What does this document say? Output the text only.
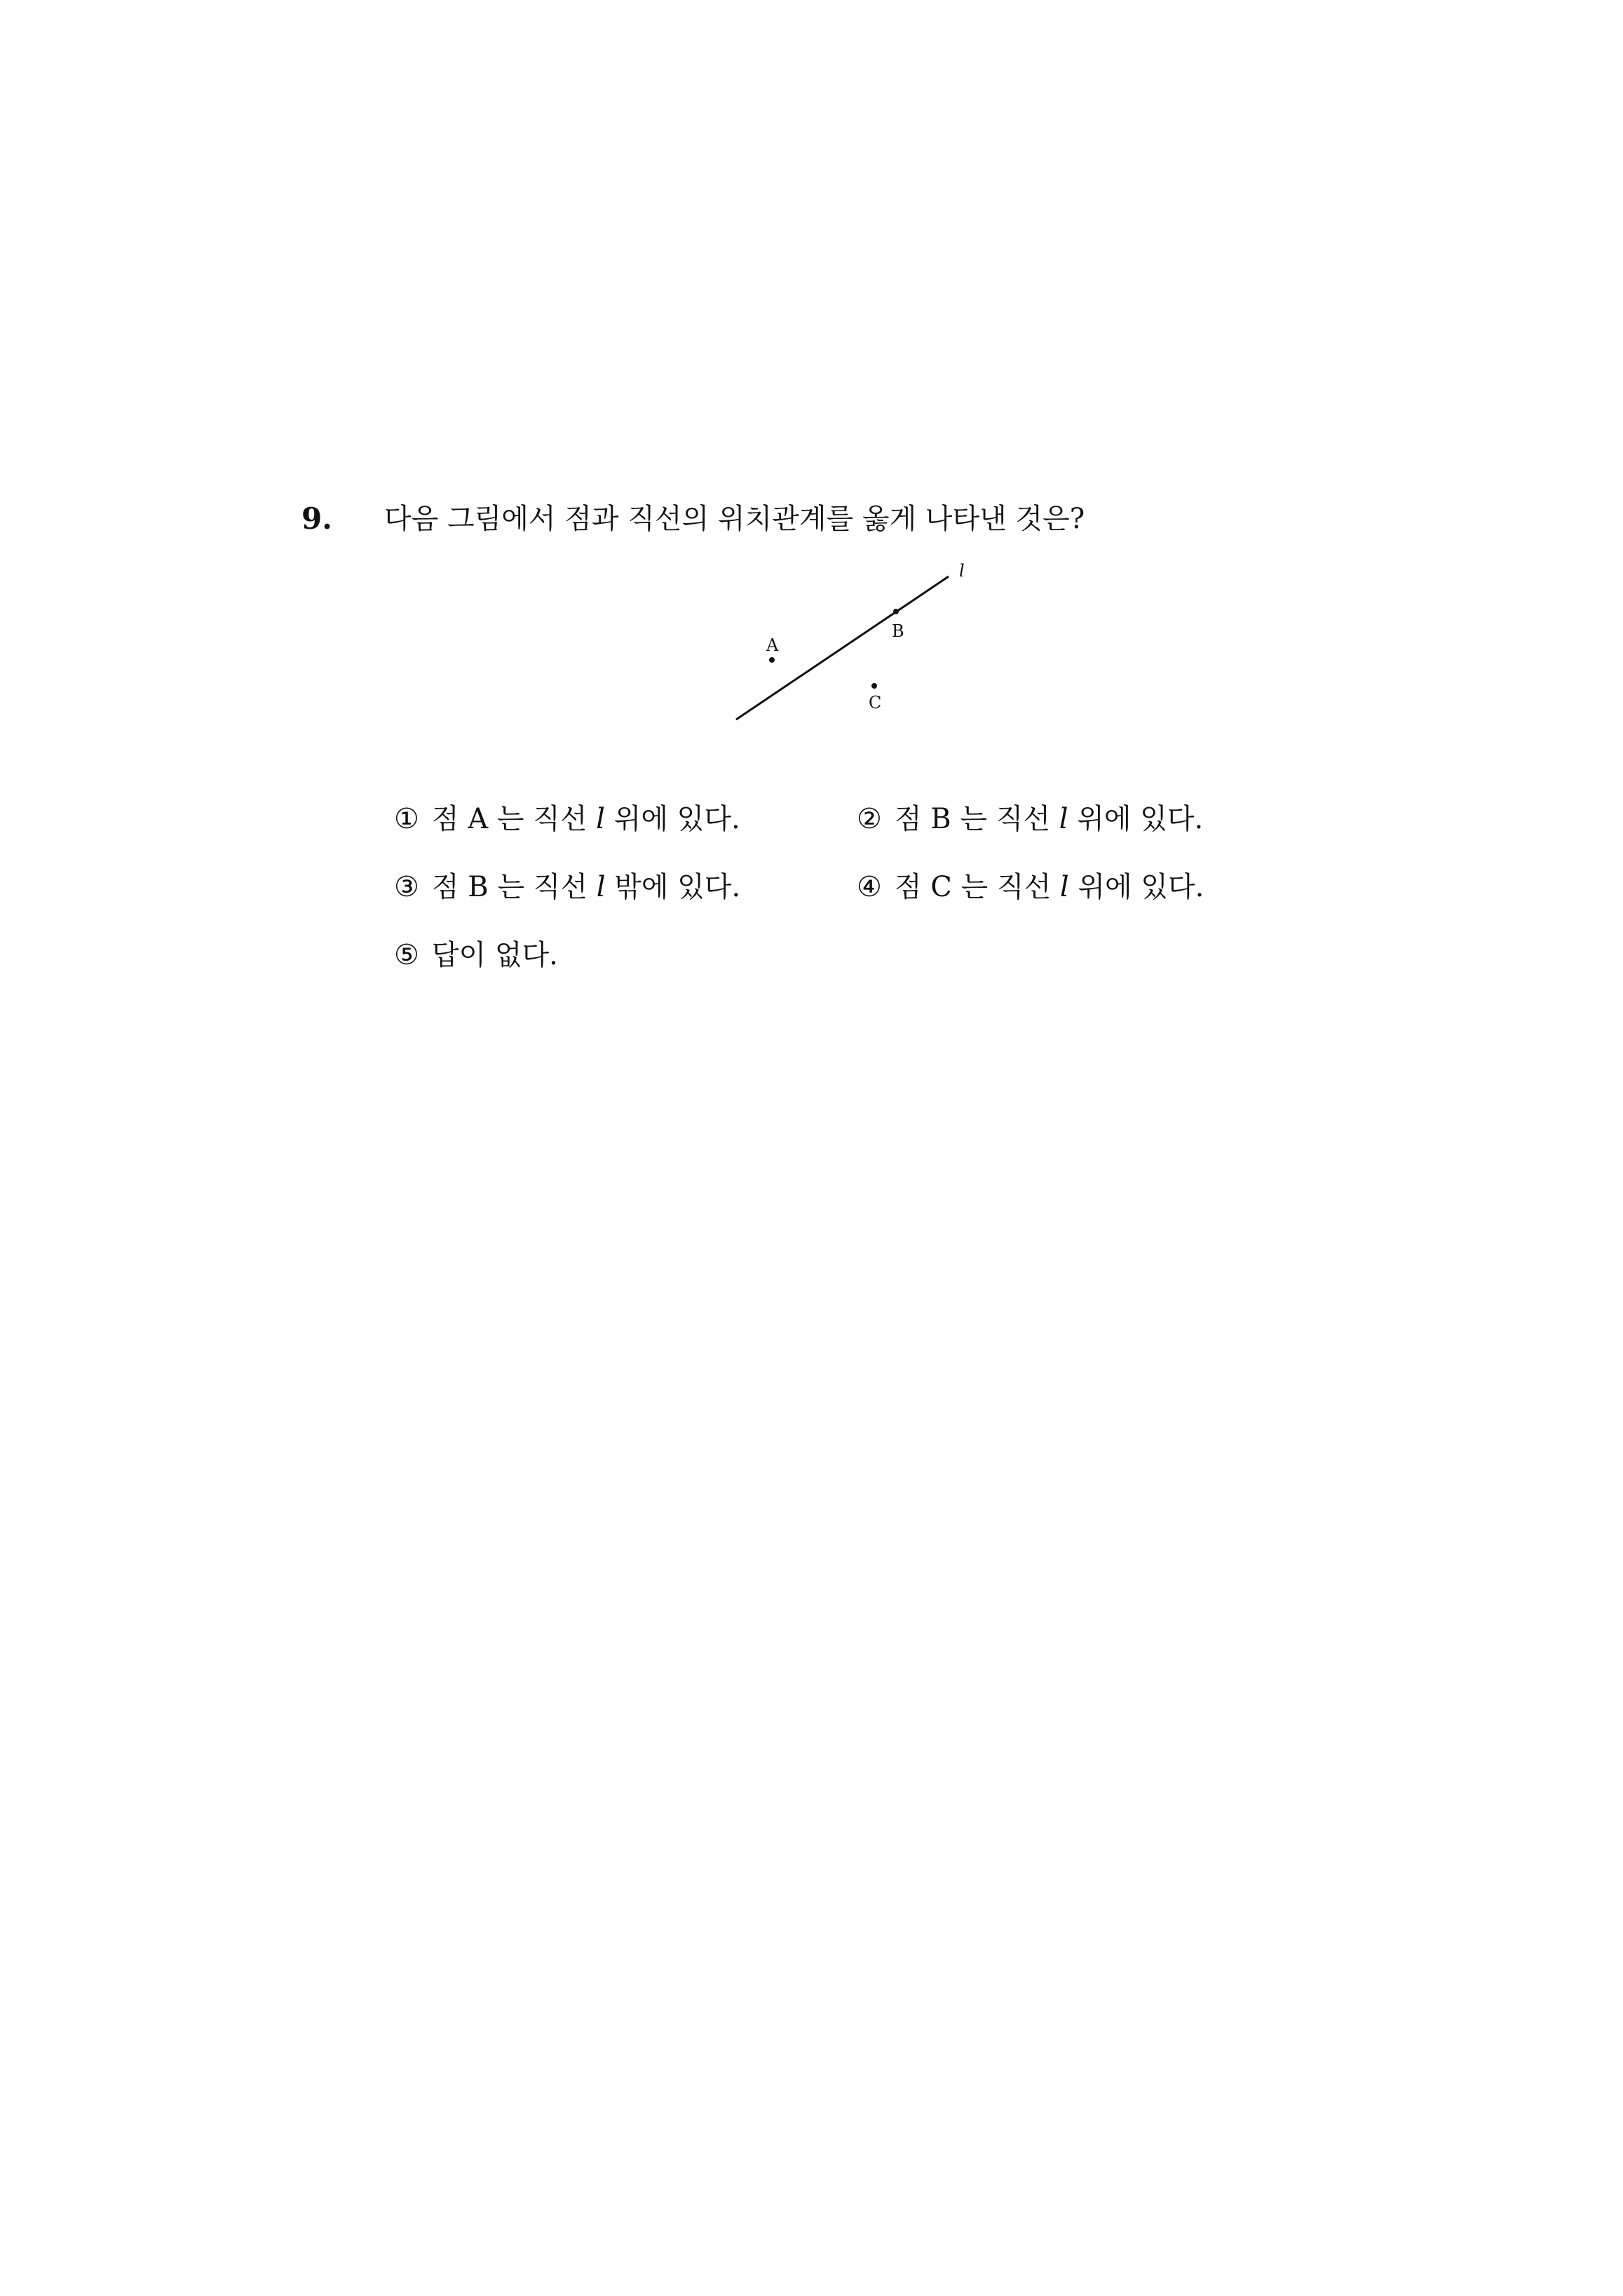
9. 다음 그림에서 점과 직선의 위치관계를 옳게 나타낸 것은?
l
A
B
C
① 점 A 는 직선 l 위에 있다.	② 점 B 는 직선 l 위에 있다.
③ 점 B 는 직선 l 밖에 있다.	④ 점 C 는 직선 l 위에 있다.
⑤ 답이 없다.
